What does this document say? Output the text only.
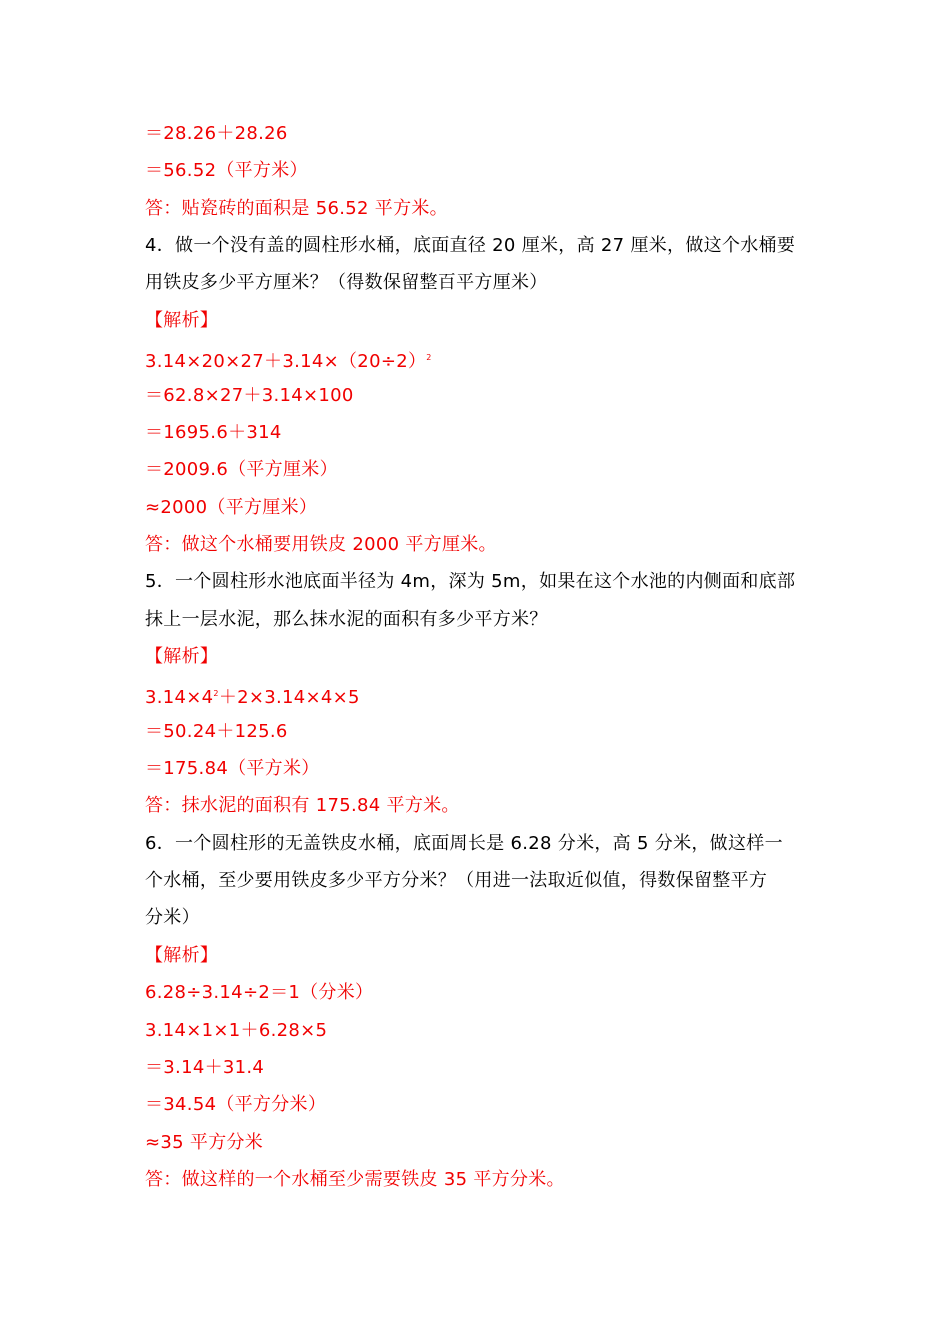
＝28.26＋28.26
＝56.52（平方米）
答：贴瓷砖的面积是 56.52 平方米。
4．做一个没有盖的圆柱形水桶，底面直径 20 厘米，高 27 厘米，做这个水桶要
用铁皮多少平方厘米？（得数保留整百平方厘米）
【解析】
$3.14\times 20\times 27+3.14\times(20\div 2)^2$
＝62.8×27＋3.14×100
＝1695.6＋314
＝2009.6（平方厘米）
≈2000（平方厘米）
答：做这个水桶要用铁皮 2000 平方厘米。
5．一个圆柱形水池底面半径为 4m，深为 5m，如果在这个水池的内侧面和底部
抹上一层水泥，那么抹水泥的面积有多少平方米？
【解析】
$3.14\times 4^2+2\times 3.14\times 4\times 5$
＝50.24＋125.6
＝175.84（平方米）
答：抹水泥的面积有 175.84 平方米。
6．一个圆柱形的无盖铁皮水桶，底面周长是 6.28 分米，高 5 分米，做这样一
个水桶，至少要用铁皮多少平方分米？（用进一法取近似值，得数保留整平方
分米）
【解析】
6.28÷3.14÷2＝1（分米）
3.14×1×1＋6.28×5
＝3.14＋31.4
＝34.54（平方分米）
≈35 平方分米
答：做这样的一个水桶至少需要铁皮 35 平方分米。
